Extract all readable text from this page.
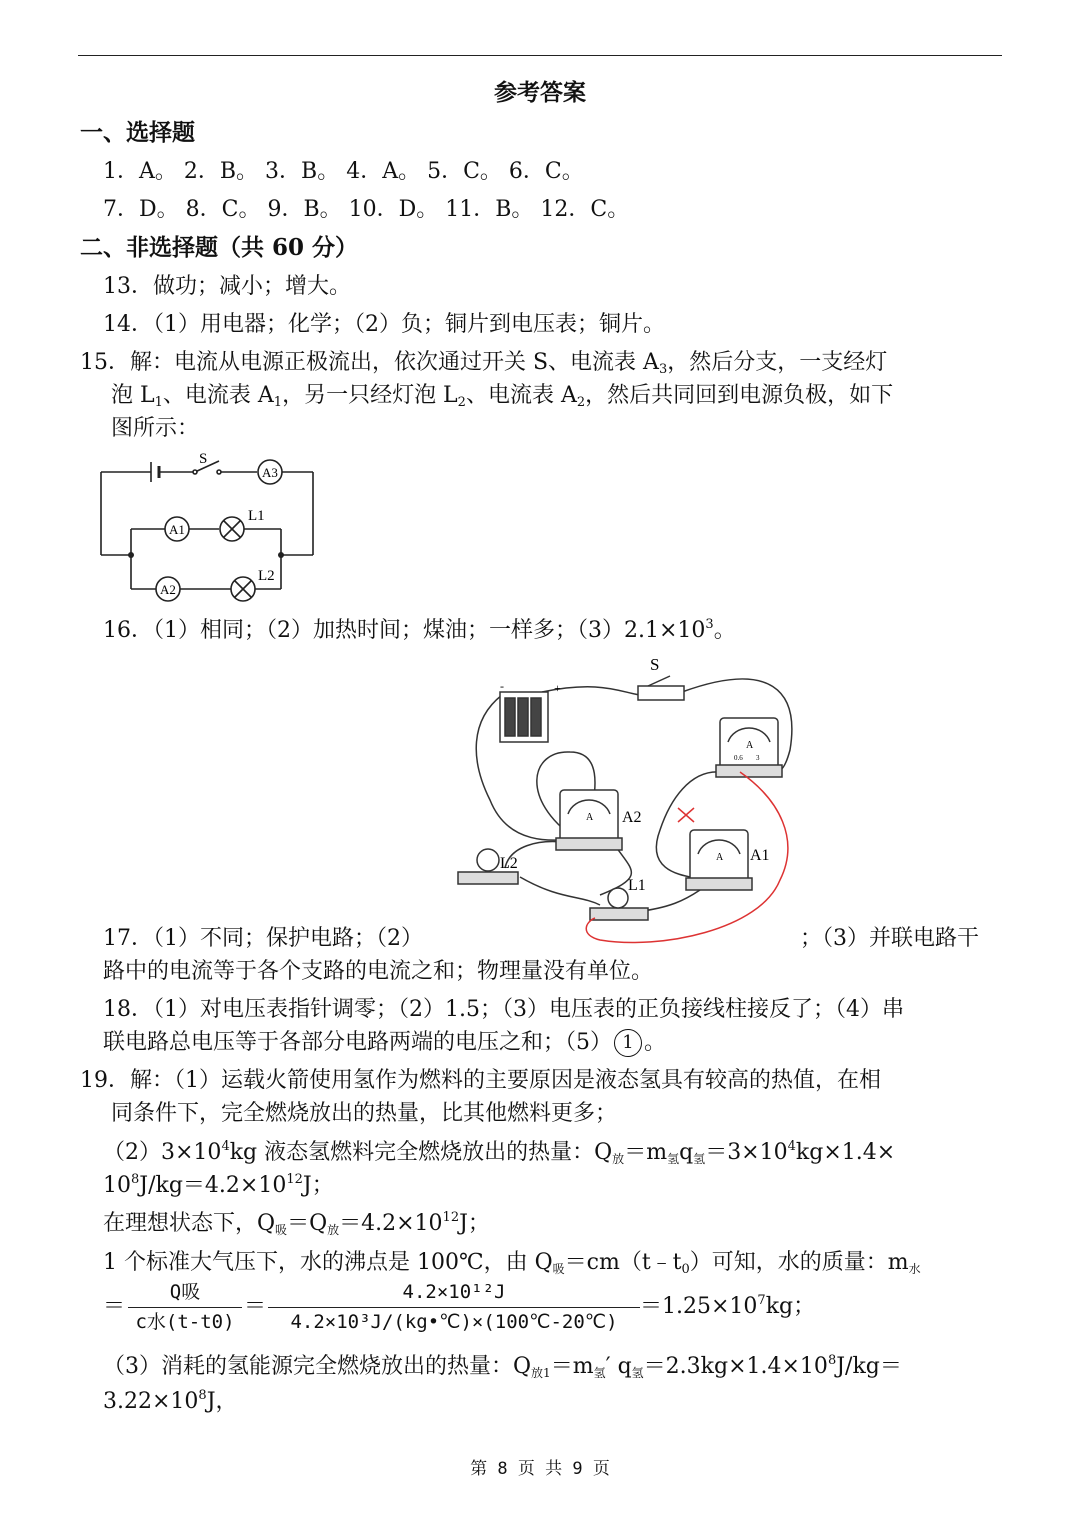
参考答案
一、选择题
1．A。 2．B。 3．B。 4．A。 5．C。 6．C。
7．D。 8．C。 9．B。 10．D。 11．B。 12．C。
二、非选择题（共 60 分）
13．做功；减小；增大。
14．（1）用电器；化学；（2）负；铜片到电压表；铜片。
15．解：电流从电源正极流出，依次通过开关 S、电流表 $A_3$，然后分支，一支经灯
泡 $L_1$、电流表 $A_1$，另一只经灯泡 $L_2$、电流表 $A_2$，然后共同回到电源负极，如下
图所示：
S
A3
A1
A2
L1
L2
16．（1）相同；（2）加热时间；煤油；一样多；$(3)2.1\times 10^3$。
S
A2
A1
L2
L1
A
A
A
0.6 3
-	+
17．（1）不同；保护电路；（2）	；（3）并联电路干
路中的电流等于各个支路的电流之和；物理量没有单位。
18．（1）对电压表指针调零；（2）1.5；（3）电压表的正负接线柱接反了；（4）串
联电路总电压等于各部分电路两端的电压之和；（5） 1 。
19．解：（1）运载火箭使用氢作为燃料的主要原因是液态氢具有较高的热值，在相
同条件下，完全燃烧放出的热量，比其他燃料更多；
$(2)3\times 10^4kg$ 液态氢燃料完全燃烧放出的热量：Q放＝m氢q氢$=3\times 10^4kg\times 1.4\times$
$10^8J/kg=4.2\times 10^{12}J$；
在理想状态下，Q吸＝Q放$=4.2\times 10^{12}J$；
1 个标准大气压下，水的沸点是 100℃，由 Q吸$=cm(t﹣t_0)$可知，水的质量：m水
＝
Q吸
c水(t-t0)
＝
4.2×10¹²J
4.2×10³J/(kg•℃)×(100℃-20℃)
$=1.25\times 10^7kg$；
（3）消耗的氢能源完全燃烧放出的热量：Q放1＝m氢′ q氢$=2.3kg\times 1.4\times 10^8J/kg=$
$3.22\times 10^8J$，
第 8 页 共 9 页
